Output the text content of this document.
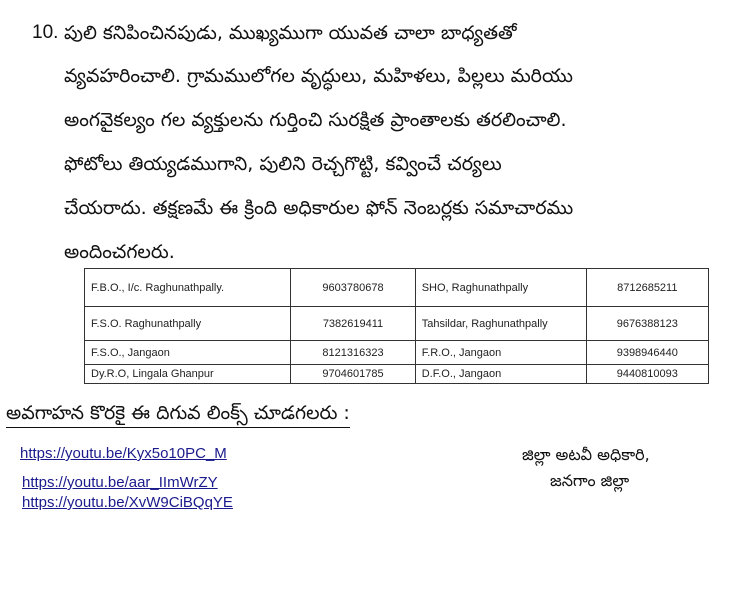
10. పులి కనిపించినపుడు, ముఖ్యముగా యువత చాలా బాధ్యతతో
వ్యవహరించాలి. గ్రామములోగల వృద్ధులు, మహిళలు, పిల్లలు మరియు
అంగవైకల్యం గల వ్యక్తులను గుర్తించి సురక్షిత ప్రాంతాలకు తరలించాలి.
ఫోటోలు తియ్యడముగాని, పులిని రెచ్చగొట్టి, కవ్వించే చర్యలు
చేయరాదు. తక్షణమే ఈ క్రింది అధికారుల ఫోన్ నెంబర్లకు సమాచారము
అందించగలరు.
F.B.O., I/c. Raghunathpally.	9603780678	SHO, Raghunathpally	8712685211
F.S.O. Raghunathpally	7382619411	Tahsildar, Raghunathpally	9676388123
F.S.O., Jangaon	8121316323	F.R.O., Jangaon	9398946440
Dy.R.O, Lingala Ghanpur	9704601785	D.F.O., Jangaon	9440810093
అవగాహన కొరకై ఈ దిగువ లింక్స్ చూడగలరు :
https://youtu.be/Kyx5o10PC_M
https://youtu.be/aar_IImWrZY
https://youtu.be/XvW9CiBQqYE
జిల్లా అటవీ అధికారి,
జనగాం జిల్లా
